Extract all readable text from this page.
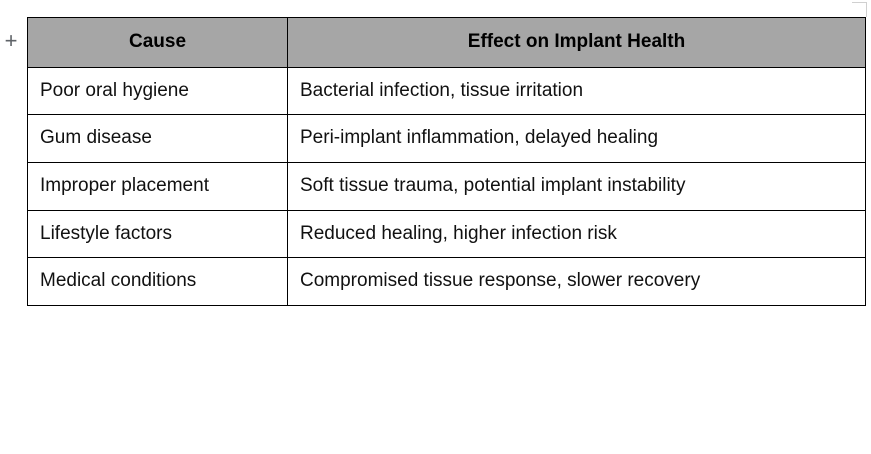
+	Cause	Effect on Implant Health

Poor oral hygiene	Bacterial infection, tissue irritation

Gum disease	Peri-implant inflammation, delayed healing

Improper placement	Soft tissue trauma, potential implant instability

Lifestyle factors	Reduced healing, higher infection risk

Medical conditions	Compromised tissue response, slower recovery
